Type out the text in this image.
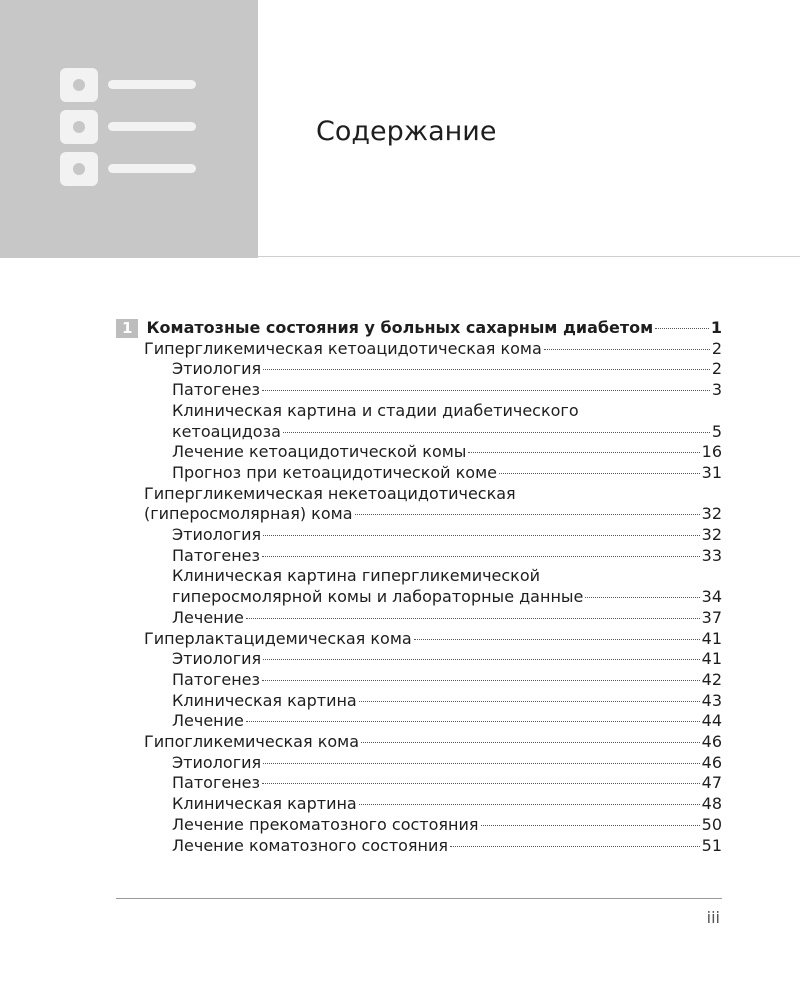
Содержание
1 Коматозные состояния у больных сахарным диабетом	1
Гипергликемическая кетоацидотическая кома	2
Этиология	2
Патогенез	3
Клиническая картина и стадии диабетического
кетоацидоза	5
Лечение кетоацидотической комы	16
Прогноз при кетоацидотической коме	31
Гипергликемическая некетоацидотическая
(гиперосмолярная) кома	32
Этиология	32
Патогенез	33
Клиническая картина гипергликемической
гиперосмолярной комы и лабораторные данные	34
Лечение	37
Гиперлактацидемическая кома	41
Этиология	41
Патогенез	42
Клиническая картина	43
Лечение	44
Гипогликемическая кома	46
Этиология	46
Патогенез	47
Клиническая картина	48
Лечение прекоматозного состояния	50
Лечение коматозного состояния	51
iii
